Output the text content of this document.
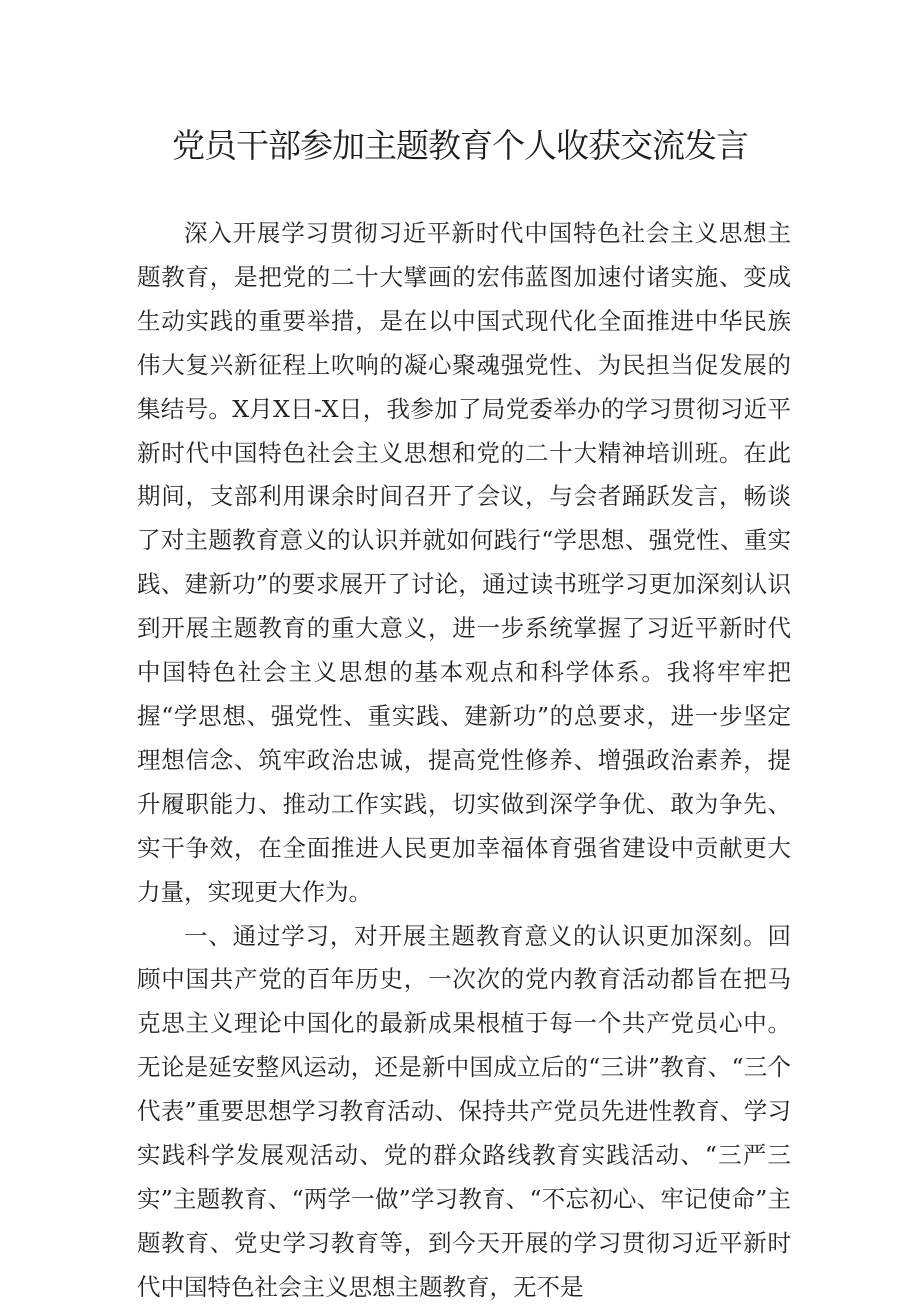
党员干部参加主题教育个人收获交流发言

深入开展学习贯彻习近平新时代中国特色社会主义思想主题教育，是把党的二十大擘画的宏伟蓝图加速付诸实施、变成生动实践的重要举措，是在以中国式现代化全面推进中华民族伟大复兴新征程上吹响的凝心聚魂强党性、为民担当促发展的集结号。X月X日-X日，我参加了局党委举办的学习贯彻习近平新时代中国特色社会主义思想和党的二十大精神培训班。在此期间，支部利用课余时间召开了会议，与会者踊跃发言，畅谈了对主题教育意义的认识并就如何践行“学思想、强党性、重实践、建新功”的要求展开了讨论，通过读书班学习更加深刻认识到开展主题教育的重大意义，进一步系统掌握了习近平新时代中国特色社会主义思想的基本观点和科学体系。我将牢牢把握“学思想、强党性、重实践、建新功”的总要求，进一步坚定理想信念、筑牢政治忠诚，提高党性修养、增强政治素养，提升履职能力、推动工作实践，切实做到深学争优、敢为争先、实干争效，在全面推进人民更加幸福体育强省建设中贡献更大力量，实现更大作为。

一、通过学习，对开展主题教育意义的认识更加深刻。回顾中国共产党的百年历史，一次次的党内教育活动都旨在把马克思主义理论中国化的最新成果根植于每一个共产党员心中。无论是延安整风运动，还是新中国成立后的“三讲”教育、“三个代表”重要思想学习教育活动、保持共产党员先进性教育、学习实践科学发展观活动、党的群众路线教育实践活动、“三严三实”主题教育、“两学一做”学习教育、“不忘初心、牢记使命”主题教育、党史学习教育等，到今天开展的学习贯彻习近平新时代中国特色社会主义思想主题教育，无不是
